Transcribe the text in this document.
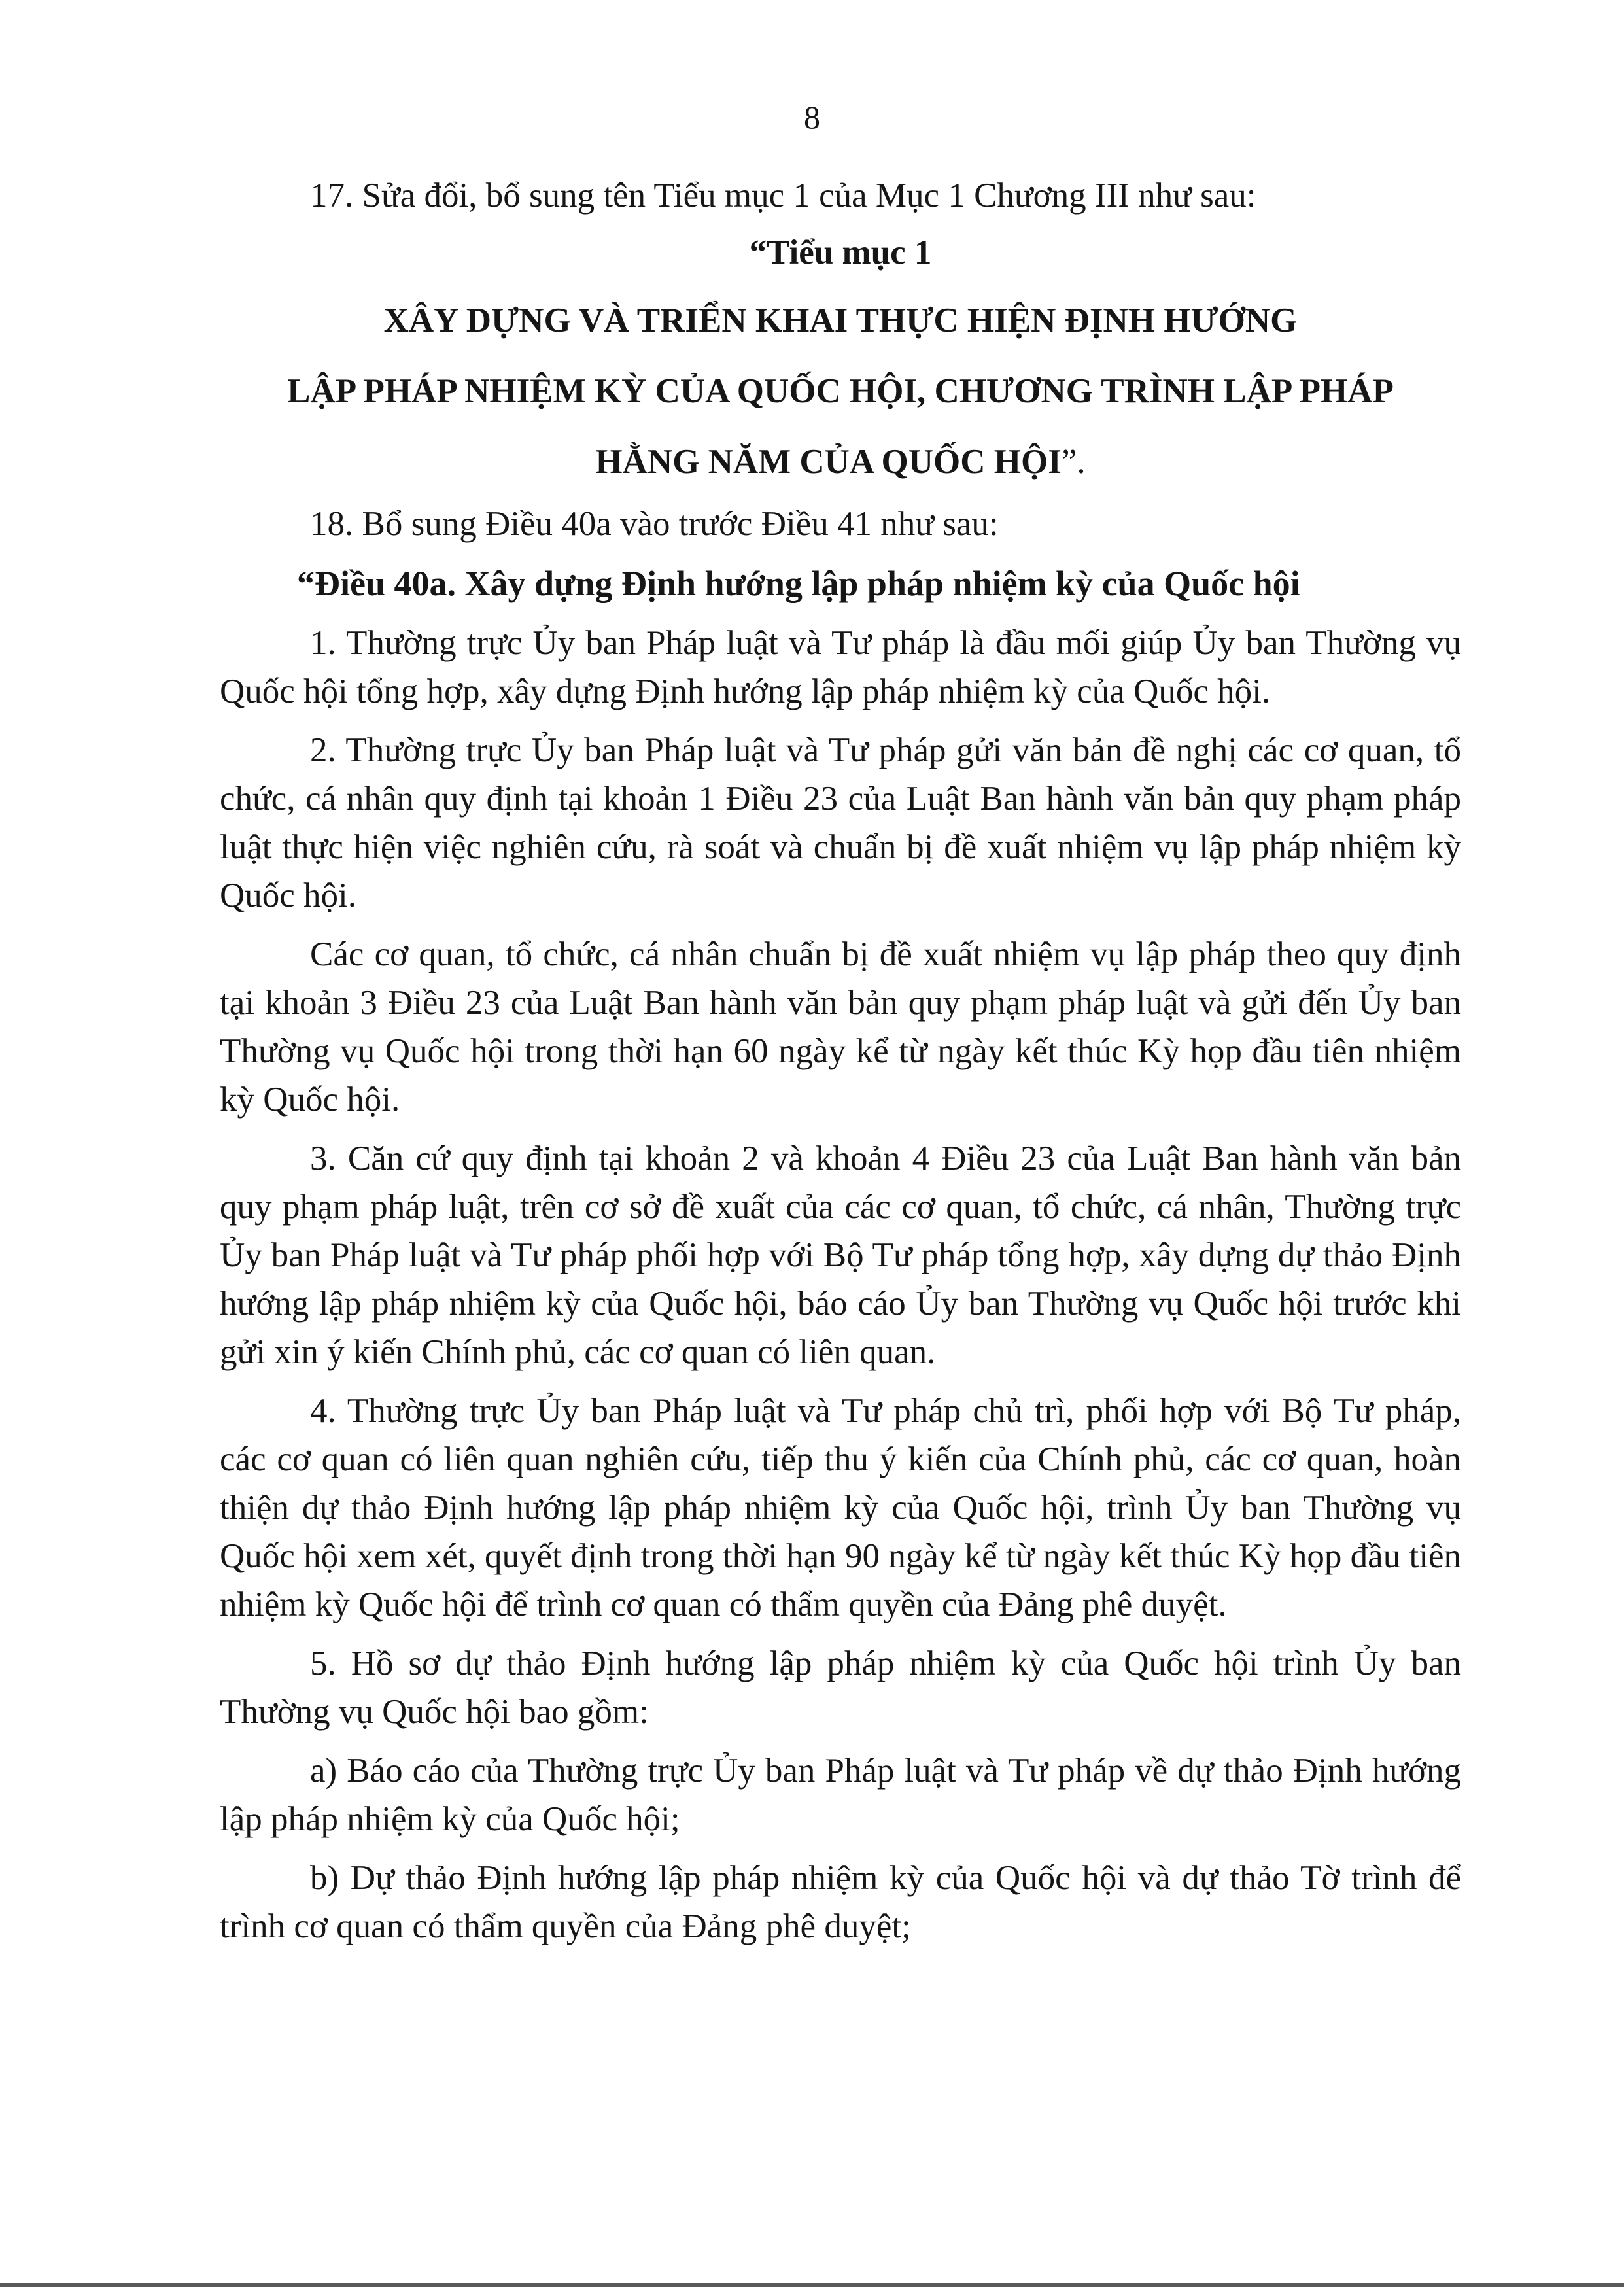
8

17. Sửa đổi, bổ sung tên Tiểu mục 1 của Mục 1 Chương III như sau:

“Tiểu mục 1

XÂY DỰNG VÀ TRIỂN KHAI THỰC HIỆN ĐỊNH HƯỚNG

LẬP PHÁP NHIỆM KỲ CỦA QUỐC HỘI, CHƯƠNG TRÌNH LẬP PHÁP

HẰNG NĂM CỦA QUỐC HỘI”.

18. Bổ sung Điều 40a vào trước Điều 41 như sau:

“Điều 40a. Xây dựng Định hướng lập pháp nhiệm kỳ của Quốc hội

1. Thường trực Ủy ban Pháp luật và Tư pháp là đầu mối giúp Ủy ban Thường vụ Quốc hội tổng hợp, xây dựng Định hướng lập pháp nhiệm kỳ của Quốc hội.

2. Thường trực Ủy ban Pháp luật và Tư pháp gửi văn bản đề nghị các cơ quan, tổ chức, cá nhân quy định tại khoản 1 Điều 23 của Luật Ban hành văn bản quy phạm pháp luật thực hiện việc nghiên cứu, rà soát và chuẩn bị đề xuất nhiệm vụ lập pháp nhiệm kỳ Quốc hội.

Các cơ quan, tổ chức, cá nhân chuẩn bị đề xuất nhiệm vụ lập pháp theo quy định tại khoản 3 Điều 23 của Luật Ban hành văn bản quy phạm pháp luật và gửi đến Ủy ban Thường vụ Quốc hội trong thời hạn 60 ngày kể từ ngày kết thúc Kỳ họp đầu tiên nhiệm kỳ Quốc hội.

3. Căn cứ quy định tại khoản 2 và khoản 4 Điều 23 của Luật Ban hành văn bản quy phạm pháp luật, trên cơ sở đề xuất của các cơ quan, tổ chức, cá nhân, Thường trực Ủy ban Pháp luật và Tư pháp phối hợp với Bộ Tư pháp tổng hợp, xây dựng dự thảo Định hướng lập pháp nhiệm kỳ của Quốc hội, báo cáo Ủy ban Thường vụ Quốc hội trước khi gửi xin ý kiến Chính phủ, các cơ quan có liên quan.

4. Thường trực Ủy ban Pháp luật và Tư pháp chủ trì, phối hợp với Bộ Tư pháp, các cơ quan có liên quan nghiên cứu, tiếp thu ý kiến của Chính phủ, các cơ quan, hoàn thiện dự thảo Định hướng lập pháp nhiệm kỳ của Quốc hội, trình Ủy ban Thường vụ Quốc hội xem xét, quyết định trong thời hạn 90 ngày kể từ ngày kết thúc Kỳ họp đầu tiên nhiệm kỳ Quốc hội để trình cơ quan có thẩm quyền của Đảng phê duyệt.

5. Hồ sơ dự thảo Định hướng lập pháp nhiệm kỳ của Quốc hội trình Ủy ban Thường vụ Quốc hội bao gồm:

a) Báo cáo của Thường trực Ủy ban Pháp luật và Tư pháp về dự thảo Định hướng lập pháp nhiệm kỳ của Quốc hội;

b) Dự thảo Định hướng lập pháp nhiệm kỳ của Quốc hội và dự thảo Tờ trình để trình cơ quan có thẩm quyền của Đảng phê duyệt;
